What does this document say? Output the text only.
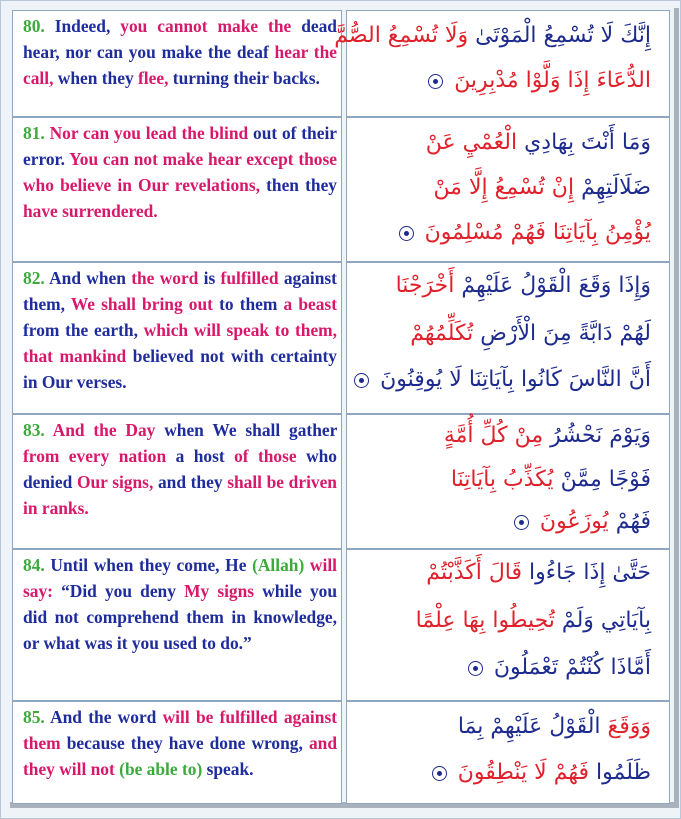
80. Indeed, you cannot make the dead hear, nor can you make the deaf hear the call, when they flee, turning their backs.

إِنَّكَ لَا تُسْمِعُ الْمَوْتَىٰ وَلَا تُسْمِعُ الصُّمَّ
الدُّعَاءَ إِذَا وَلَّوْا مُدْبِرِينَ

81. Nor can you lead the blind out of their error. You can not make hear except those who believe in Our revelations, then they have surrendered.

وَمَا أَنْتَ بِهَادِي الْعُمْيِ عَنْ
ضَلَالَتِهِمْ إِنْ تُسْمِعُ إِلَّا مَنْ
يُؤْمِنُ بِآيَاتِنَا فَهُمْ مُسْلِمُونَ

82. And when the word is fulfilled against them, We shall bring out to them a beast from the earth, which will speak to them, that mankind believed not with certainty in Our verses.

وَإِذَا وَقَعَ الْقَوْلُ عَلَيْهِمْ أَخْرَجْنَا
لَهُمْ دَابَّةً مِنَ الْأَرْضِ تُكَلِّمُهُمْ
أَنَّ النَّاسَ كَانُوا بِآيَاتِنَا لَا يُوقِنُونَ

83. And the Day when We shall gather from every nation a host of those who denied Our signs, and they shall be driven in ranks.

وَيَوْمَ نَحْشُرُ مِنْ كُلِّ أُمَّةٍ
فَوْجًا مِمَّنْ يُكَذِّبُ بِآيَاتِنَا
فَهُمْ يُوزَعُونَ

84. Until when they come, He (Allah) will say: “Did you deny My signs while you did not comprehend them in knowledge, or what was it you used to do.”

حَتَّىٰ إِذَا جَاءُوا قَالَ أَكَذَّبْتُمْ
بِآيَاتِي وَلَمْ تُحِيطُوا بِهَا عِلْمًا
أَمَّاذَا كُنْتُمْ تَعْمَلُونَ

85. And the word will be fulfilled against them because they have done wrong, and they will not (be able to) speak.

وَوَقَعَ الْقَوْلُ عَلَيْهِمْ بِمَا
ظَلَمُوا فَهُمْ لَا يَنْطِقُونَ
